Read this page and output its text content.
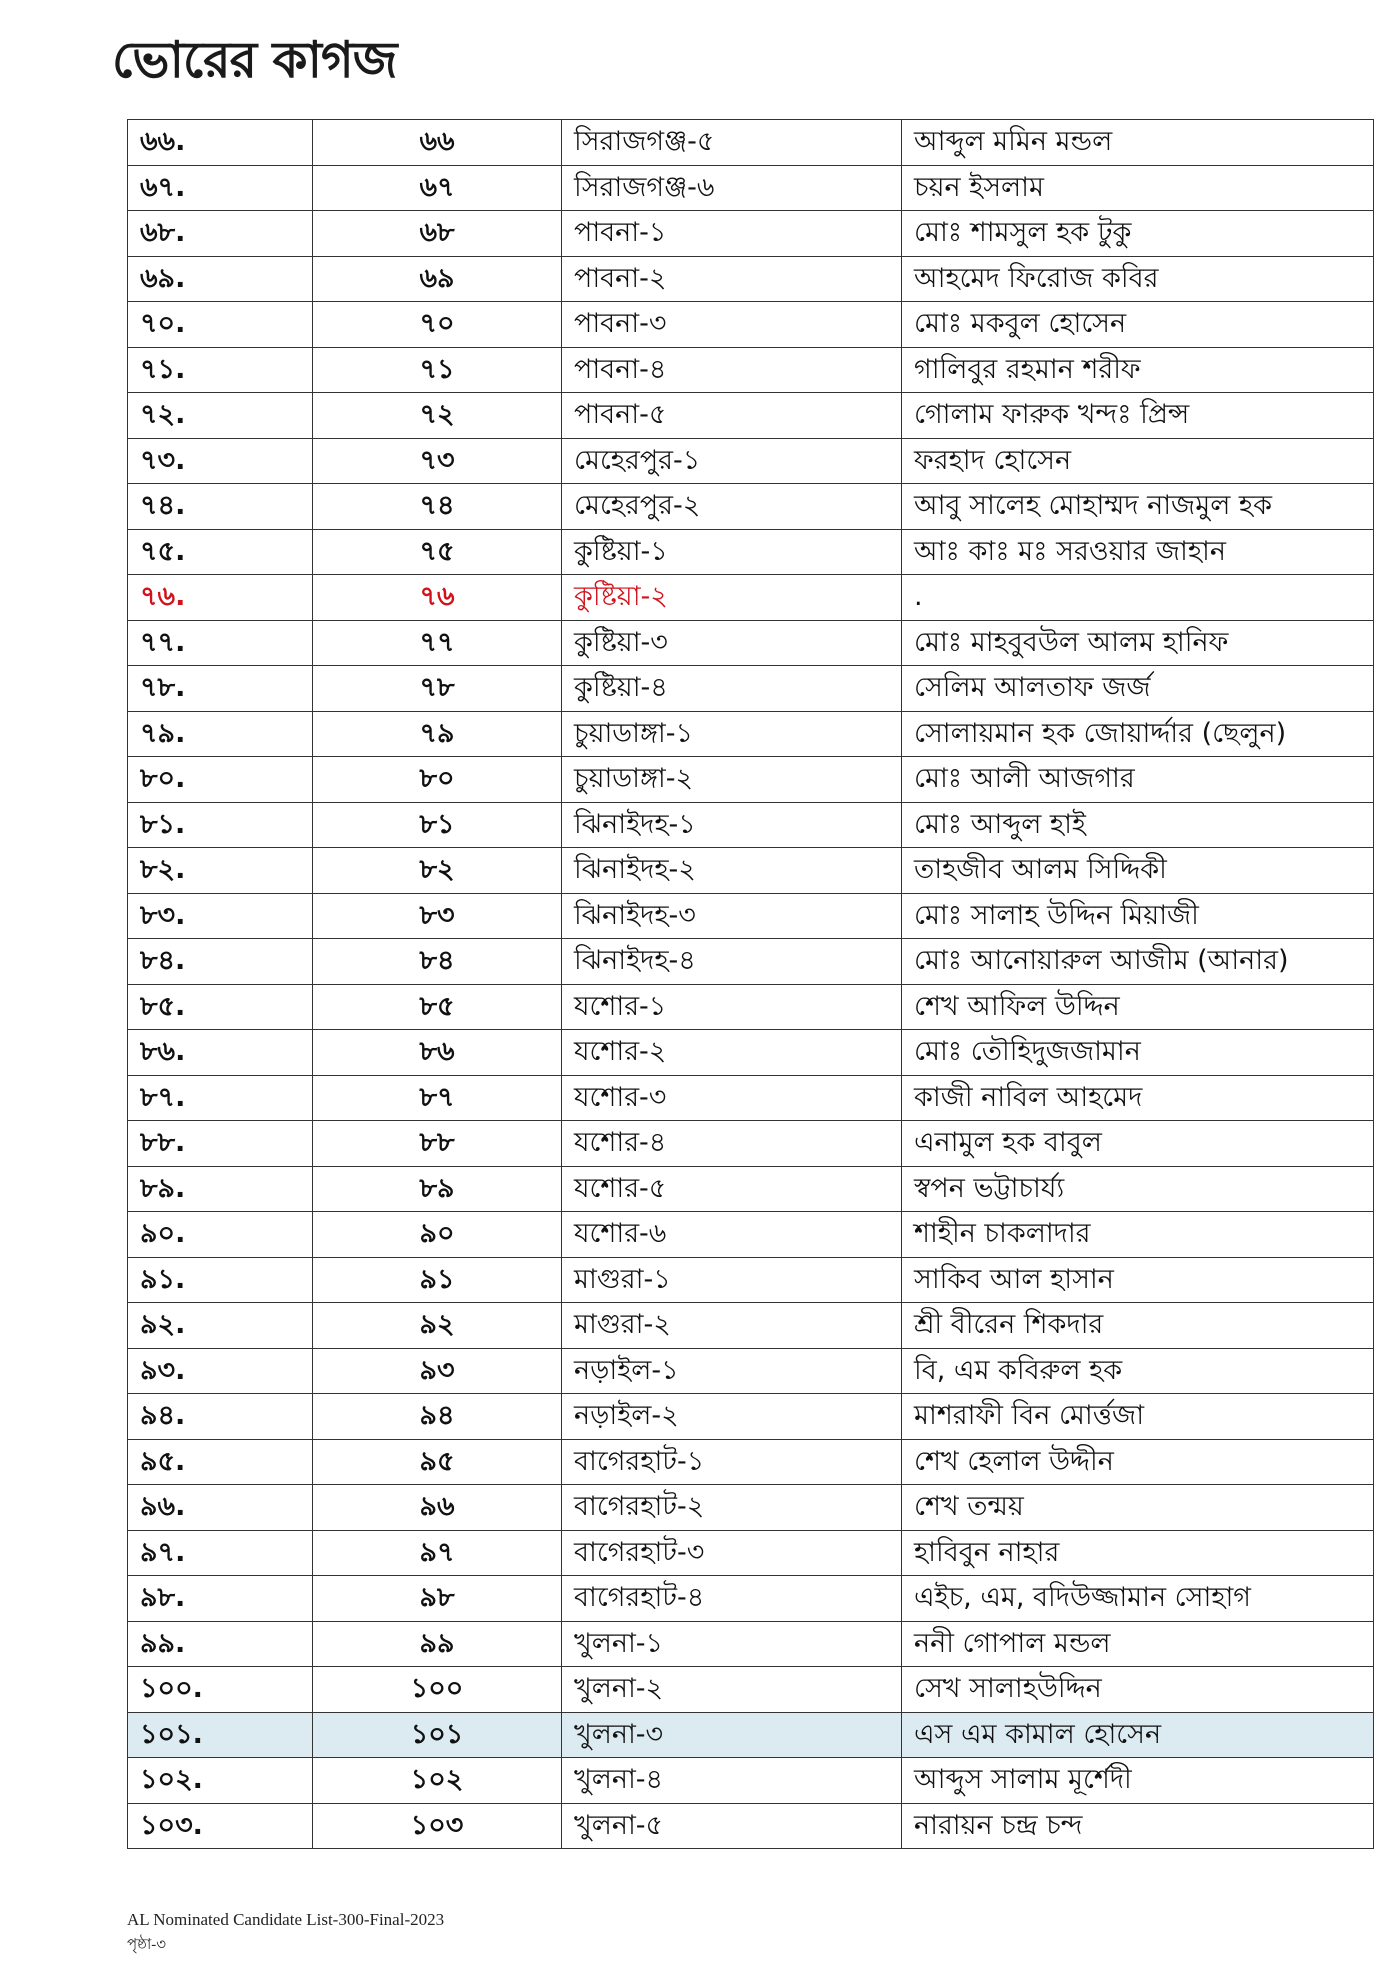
ভোরের কাগজ
৬৬.	৬৬	সিরাজগঞ্জ-৫	আব্দুল মমিন মন্ডল
৬৭.	৬৭	সিরাজগঞ্জ-৬	চয়ন ইসলাম
৬৮.	৬৮	পাবনা-১	মোঃ শামসুল হক টুকু
৬৯.	৬৯	পাবনা-২	আহমেদ ফিরোজ কবির
৭০.	৭০	পাবনা-৩	মোঃ মকবুল হোসেন
৭১.	৭১	পাবনা-৪	গালিবুর রহমান শরীফ
৭২.	৭২	পাবনা-৫	গোলাম ফারুক খন্দঃ প্রিন্স
৭৩.	৭৩	মেহেরপুর-১	ফরহাদ হোসেন
৭৪.	৭৪	মেহেরপুর-২	আবু সালেহ মোহাম্মদ নাজমুল হক
৭৫.	৭৫	কুষ্টিয়া-১	আঃ কাঃ মঃ সরওয়ার জাহান
৭৬.	৭৬	কুষ্টিয়া-২	.
৭৭.	৭৭	কুষ্টিয়া-৩	মোঃ মাহবুবউল আলম হানিফ
৭৮.	৭৮	কুষ্টিয়া-৪	সেলিম আলতাফ জর্জ
৭৯.	৭৯	চুয়াডাঙ্গা-১	সোলায়মান হক জোয়ার্দ্দার (ছেলুন)
৮০.	৮০	চুয়াডাঙ্গা-২	মোঃ আলী আজগার
৮১.	৮১	ঝিনাইদহ-১	মোঃ আব্দুল হাই
৮২.	৮২	ঝিনাইদহ-২	তাহজীব আলম সিদ্দিকী
৮৩.	৮৩	ঝিনাইদহ-৩	মোঃ সালাহ উদ্দিন মিয়াজী
৮৪.	৮৪	ঝিনাইদহ-৪	মোঃ আনোয়ারুল আজীম (আনার)
৮৫.	৮৫	যশোর-১	শেখ আফিল উদ্দিন
৮৬.	৮৬	যশোর-২	মোঃ তৌহিদুজজামান
৮৭.	৮৭	যশোর-৩	কাজী নাবিল আহমেদ
৮৮.	৮৮	যশোর-৪	এনামুল হক বাবুল
৮৯.	৮৯	যশোর-৫	স্বপন ভট্টাচার্য্য
৯০.	৯০	যশোর-৬	শাহীন চাকলাদার
৯১.	৯১	মাগুরা-১	সাকিব আল হাসান
৯২.	৯২	মাগুরা-২	শ্রী বীরেন শিকদার
৯৩.	৯৩	নড়াইল-১	বি, এম কবিরুল হক
৯৪.	৯৪	নড়াইল-২	মাশরাফী বিন মোর্ত্তজা
৯৫.	৯৫	বাগেরহাট-১	শেখ হেলাল উদ্দীন
৯৬.	৯৬	বাগেরহাট-২	শেখ তন্ময়
৯৭.	৯৭	বাগেরহাট-৩	হাবিবুন নাহার
৯৮.	৯৮	বাগেরহাট-৪	এইচ, এম, বদিউজ্জামান সোহাগ
৯৯.	৯৯	খুলনা-১	ননী গোপাল মন্ডল
১০০.	১০০	খুলনা-২	সেখ সালাহউদ্দিন
১০১.	১০১	খুলনা-৩	এস এম কামাল হোসেন
১০২.	১০২	খুলনা-৪	আব্দুস সালাম মূর্শেদী
১০৩.	১০৩	খুলনা-৫	নারায়ন চন্দ্র চন্দ
AL Nominated Candidate List-300-Final-2023
পৃষ্ঠা-৩
